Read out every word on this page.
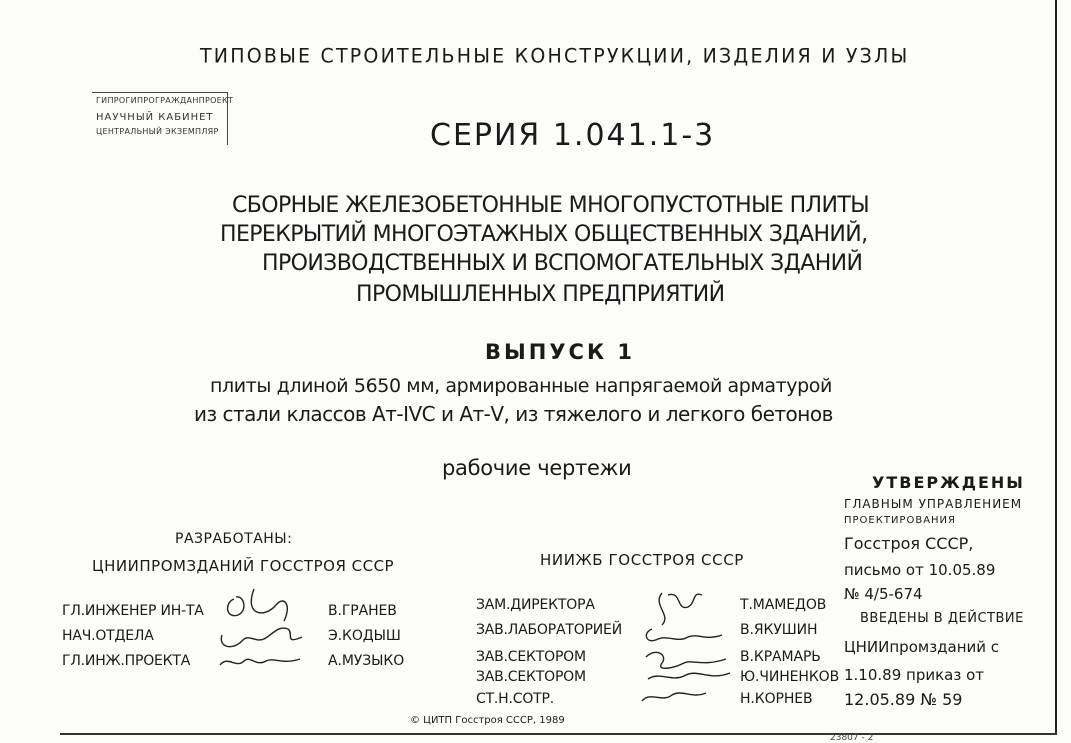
ТИПОВЫЕ СТРОИТЕЛЬНЫЕ КОНСТРУКЦИИ, ИЗДЕЛИЯ И УЗЛЫ
ГИПРОГИПРОГРАЖДАНПРОЕКТ
НАУЧНЫЙ КАБИНЕТ
ЦЕНТРАЛЬНЫЙ ЭКЗЕМПЛЯР	СЕРИЯ 1.041.1-3
СБОРНЫЕ ЖЕЛЕЗОБЕТОННЫЕ МНОГОПУСТОТНЫЕ ПЛИТЫ
ПЕРЕКРЫТИЙ МНОГОЭТАЖНЫХ ОБЩЕСТВЕННЫХ ЗДАНИЙ,
ПРОИЗВОДСТВЕННЫХ И ВСПОМОГАТЕЛЬНЫХ ЗДАНИЙ
ПРОМЫШЛЕННЫХ ПРЕДПРИЯТИЙ
ВЫПУСК 1
плиты длиной 5650 мм, армированные напрягаемой арматурой
из стали классов Ат-IVC и Ат-V, из тяжелого и легкого бетонов
рабочие чертежи
РАЗРАБОТАНЫ:
ЦНИИПРОМЗДАНИЙ ГОССТРОЯ СССР
ГЛ.ИНЖЕНЕР ИН-ТА
НАЧ.ОТДЕЛА
ГЛ.ИНЖ.ПРОЕКТА
В.ГРАНЕВ
Э.КОДЫШ
А.МУЗЫКО
НИИЖБ ГОССТРОЯ СССР
ЗАМ.ДИРЕКТОРА
ЗАВ.ЛАБОРАТОРИЕЙ
ЗАВ.СЕКТОРОМ
ЗАВ.СЕКТОРОМ
СТ.Н.СОТР.
Т.МАМЕДОВ
В.ЯКУШИН
В.КРАМАРЬ
Ю.ЧИНЕНКОВ
Н.КОРНЕВ
УТВЕРЖДЕНЫ
ГЛАВНЫМ УПРАВЛЕНИЕМ
ПРОЕКТИРОВАНИЯ
Госстроя СССР,
письмо от 10.05.89
№ 4/5-674
ВВЕДЕНЫ В ДЕЙСТВИЕ
ЦНИИпромзданий с
1.10.89 приказ от
12.05.89 № 59
© ЦИТП Госстроя СССР, 1989
23807 - 2
